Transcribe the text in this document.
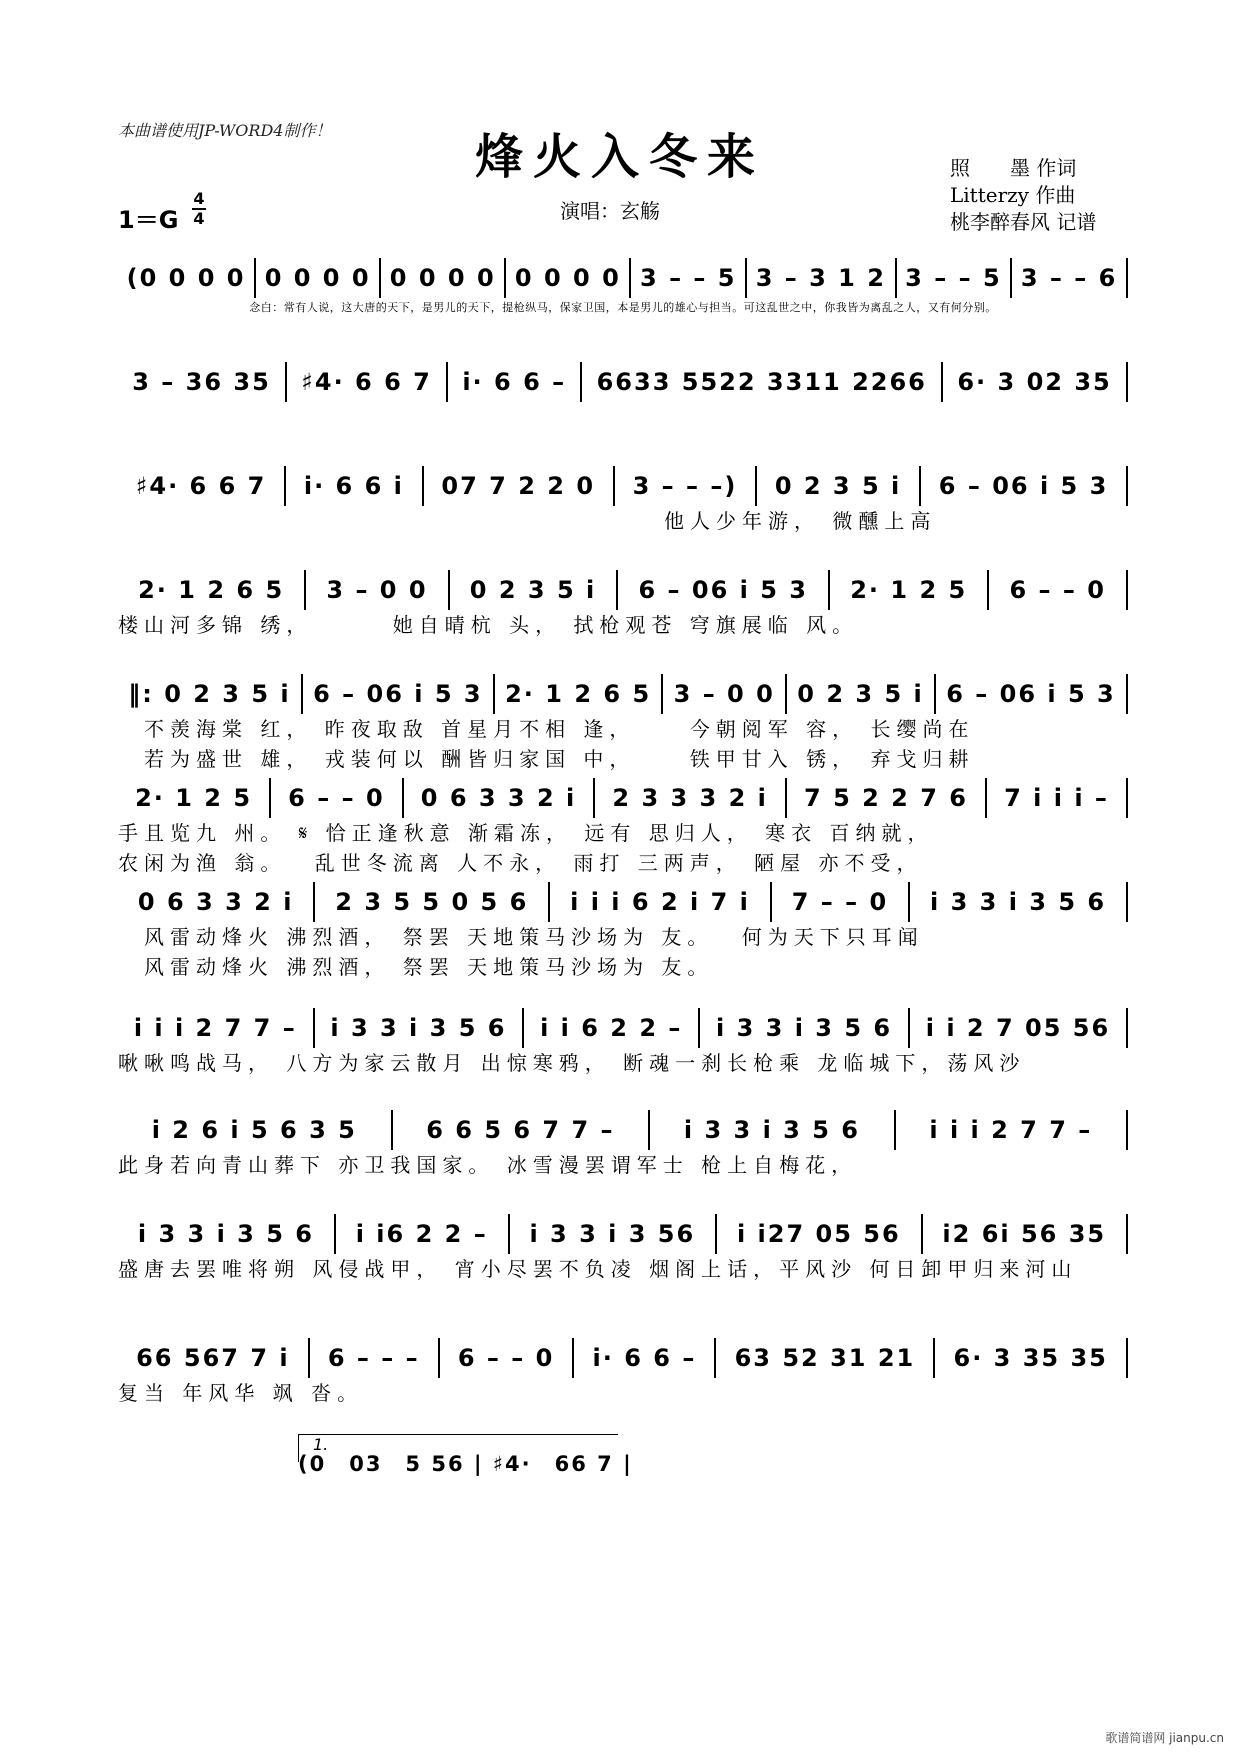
本曲谱使用JP-WORD4制作！	烽火入冬来	照　　墨 作词
Litterzy 作曲
桃李醉春风 记谱
1＝G
4
4	演唱：玄觞
(0 0 0 0 0 0 0 0 0 0 0 0 0 0 0 0 3 – – 5 3 – 3 1 2 3 – – 5 3 – – 6
念白：常有人说，这大唐的天下，是男儿的天下，提枪纵马，保家卫国，本是男儿的雄心与担当。可这乱世之中，你我皆为离乱之人，又有何分别。
3 – 36 35	♯4· 6 6 7	i· 6 6 –	6633 5522 3311 2266	6· 3 02 35
♯4· 6 6 7	i· 6 6 i	07 7 2 2 0	3 – – –)	0 2 3 5 i	6 – 06 i 5 3
　　　　　　　　　　　　　　　　　　　　　他人少年游， 微醺上高
2· 1 2 6 5	3 – 0 0	0 2 3 5 i	6 – 06 i 5 3	2· 1 2 5	6 – – 0
楼山河多锦 绣，　　　 她自晴杭 头， 拭枪观苍 穹旗展临 风。
‖: 0 2 3 5 i 6 – 06 i 5 3 2· 1 2 6 5 3 – 0 0 0 2 3 5 i 6 – 06 i 5 3
　不羡海棠 红， 昨夜取敌 首星月不相 逢，　　 今朝阅军 容， 长缨尚在
　若为盛世 雄， 戎装何以 酬皆归家国 中，　　 铁甲甘入 锈， 弃戈归耕
2· 1 2 5	6 – – 0	0 6 3 3 2 i	2 3 3 3 2 i	7 5 2 2 7 6	7 i i i –
手且览九 州。 𝄋 恰正逢秋意 渐霜冻， 远有 思归人， 寒衣 百纳就，
农闲为渔 翁。　 乱世冬流离 人不永， 雨打 三两声， 陋屋 亦不受，
0 6 3 3 2 i	2 3 5 5 0 5 6	i i i 6 2 i 7 i	7 – – 0	i 3 3 i 3 5 6
　风雷动烽火 沸烈酒， 祭罢 天地策马沙场为 友。　 何为天下只耳闻
　风雷动烽火 沸烈酒， 祭罢 天地策马沙场为 友。
i i i 2 7 7 –	i 3 3 i 3 5 6	i i 6 2 2 –	i 3 3 i 3 5 6	i i 2 7 05 56
啾啾鸣战马， 八方为家云散月 出惊寒鸦， 断魂一刹长枪乘 龙临城下，荡风沙
i 2 6 i 5 6 3 5	6 6 5 6 7 7 –	i 3 3 i 3 5 6	i i i 2 7 7 –
此身若向青山葬下 亦卫我国家。 冰雪漫罢谓军士 枪上自梅花，
i 3 3 i 3 5 6	i i6 2 2 –	i 3 3 i 3 56	i i27 05 56	i2 6i 56 35
盛唐去罢唯将朔 风侵战甲， 宵小尽罢不负凌 烟阁上话，平风沙 何日卸甲归来河山
66 567 7 i	6 – – –	6 – – 0	i· 6 6 –	63 52 31 21	6· 3 35 35
复当 年风华 飒 沓。
1.
(0　03　5 56 | ♯4·　66 7 |
歌谱简谱网 jianpu.cn
